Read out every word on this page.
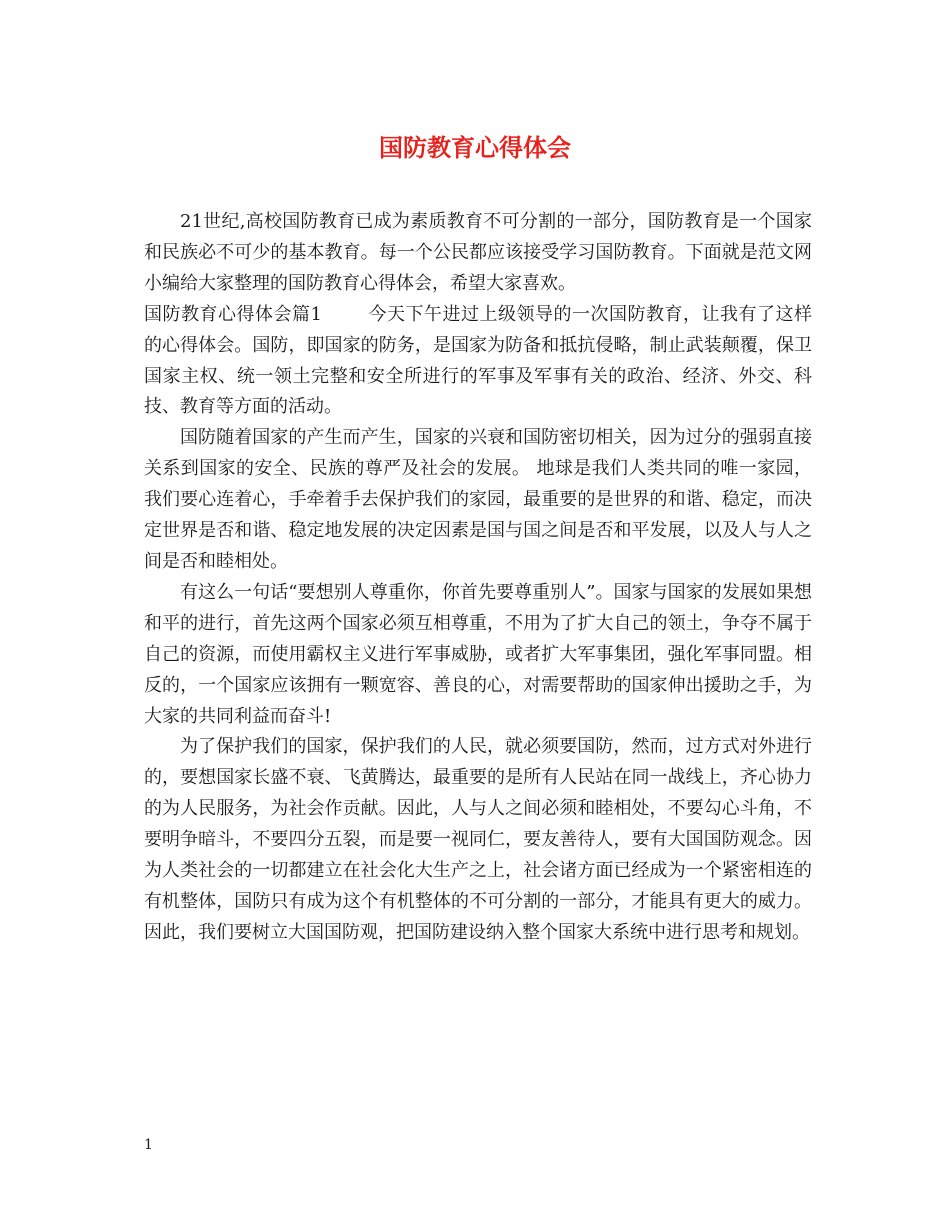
国防教育心得体会

21世纪,高校国防教育已成为素质教育不可分割的一部分，国防教育是一个国家和民族必不可少的基本教育。每一个公民都应该接受学习国防教育。下面就是范文网小编给大家整理的国防教育心得体会，希望大家喜欢。

国防教育心得体会篇1	今天下午进过上级领导的一次国防教育，让我有了这样的心得体会。国防，即国家的防务，是国家为防备和抵抗侵略，制止武装颠覆，保卫国家主权、统一领土完整和安全所进行的军事及军事有关的政治、经济、外交、科技、教育等方面的活动。

国防随着国家的产生而产生，国家的兴衰和国防密切相关，因为过分的强弱直接关系到国家的安全、民族的尊严及社会的发展。 地球是我们人类共同的唯一家园，我们要心连着心，手牵着手去保护我们的家园，最重要的是世界的和谐、稳定，而决定世界是否和谐、稳定地发展的决定因素是国与国之间是否和平发展，以及人与人之间是否和睦相处。

有这么一句话“要想别人尊重你，你首先要尊重别人”。国家与国家的发展如果想和平的进行，首先这两个国家必须互相尊重，不用为了扩大自己的领土，争夺不属于自己的资源，而使用霸权主义进行军事威胁，或者扩大军事集团，强化军事同盟。相反的，一个国家应该拥有一颗宽容、善良的心，对需要帮助的国家伸出援助之手，为大家的共同利益而奋斗!

为了保护我们的国家，保护我们的人民，就必须要国防，然而，过方式对外进行的，要想国家长盛不衰、飞黄腾达，最重要的是所有人民站在同一战线上，齐心协力的为人民服务，为社会作贡献。因此，人与人之间必须和睦相处，不要勾心斗角，不要明争暗斗，不要四分五裂，而是要一视同仁，要友善待人，要有大国国防观念。因为人类社会的一切都建立在社会化大生产之上，社会诸方面已经成为一个紧密相连的有机整体，国防只有成为这个有机整体的不可分割的一部分，才能具有更大的威力。因此，我们要树立大国国防观，把国防建设纳入整个国家大系统中进行思考和规划。

1
